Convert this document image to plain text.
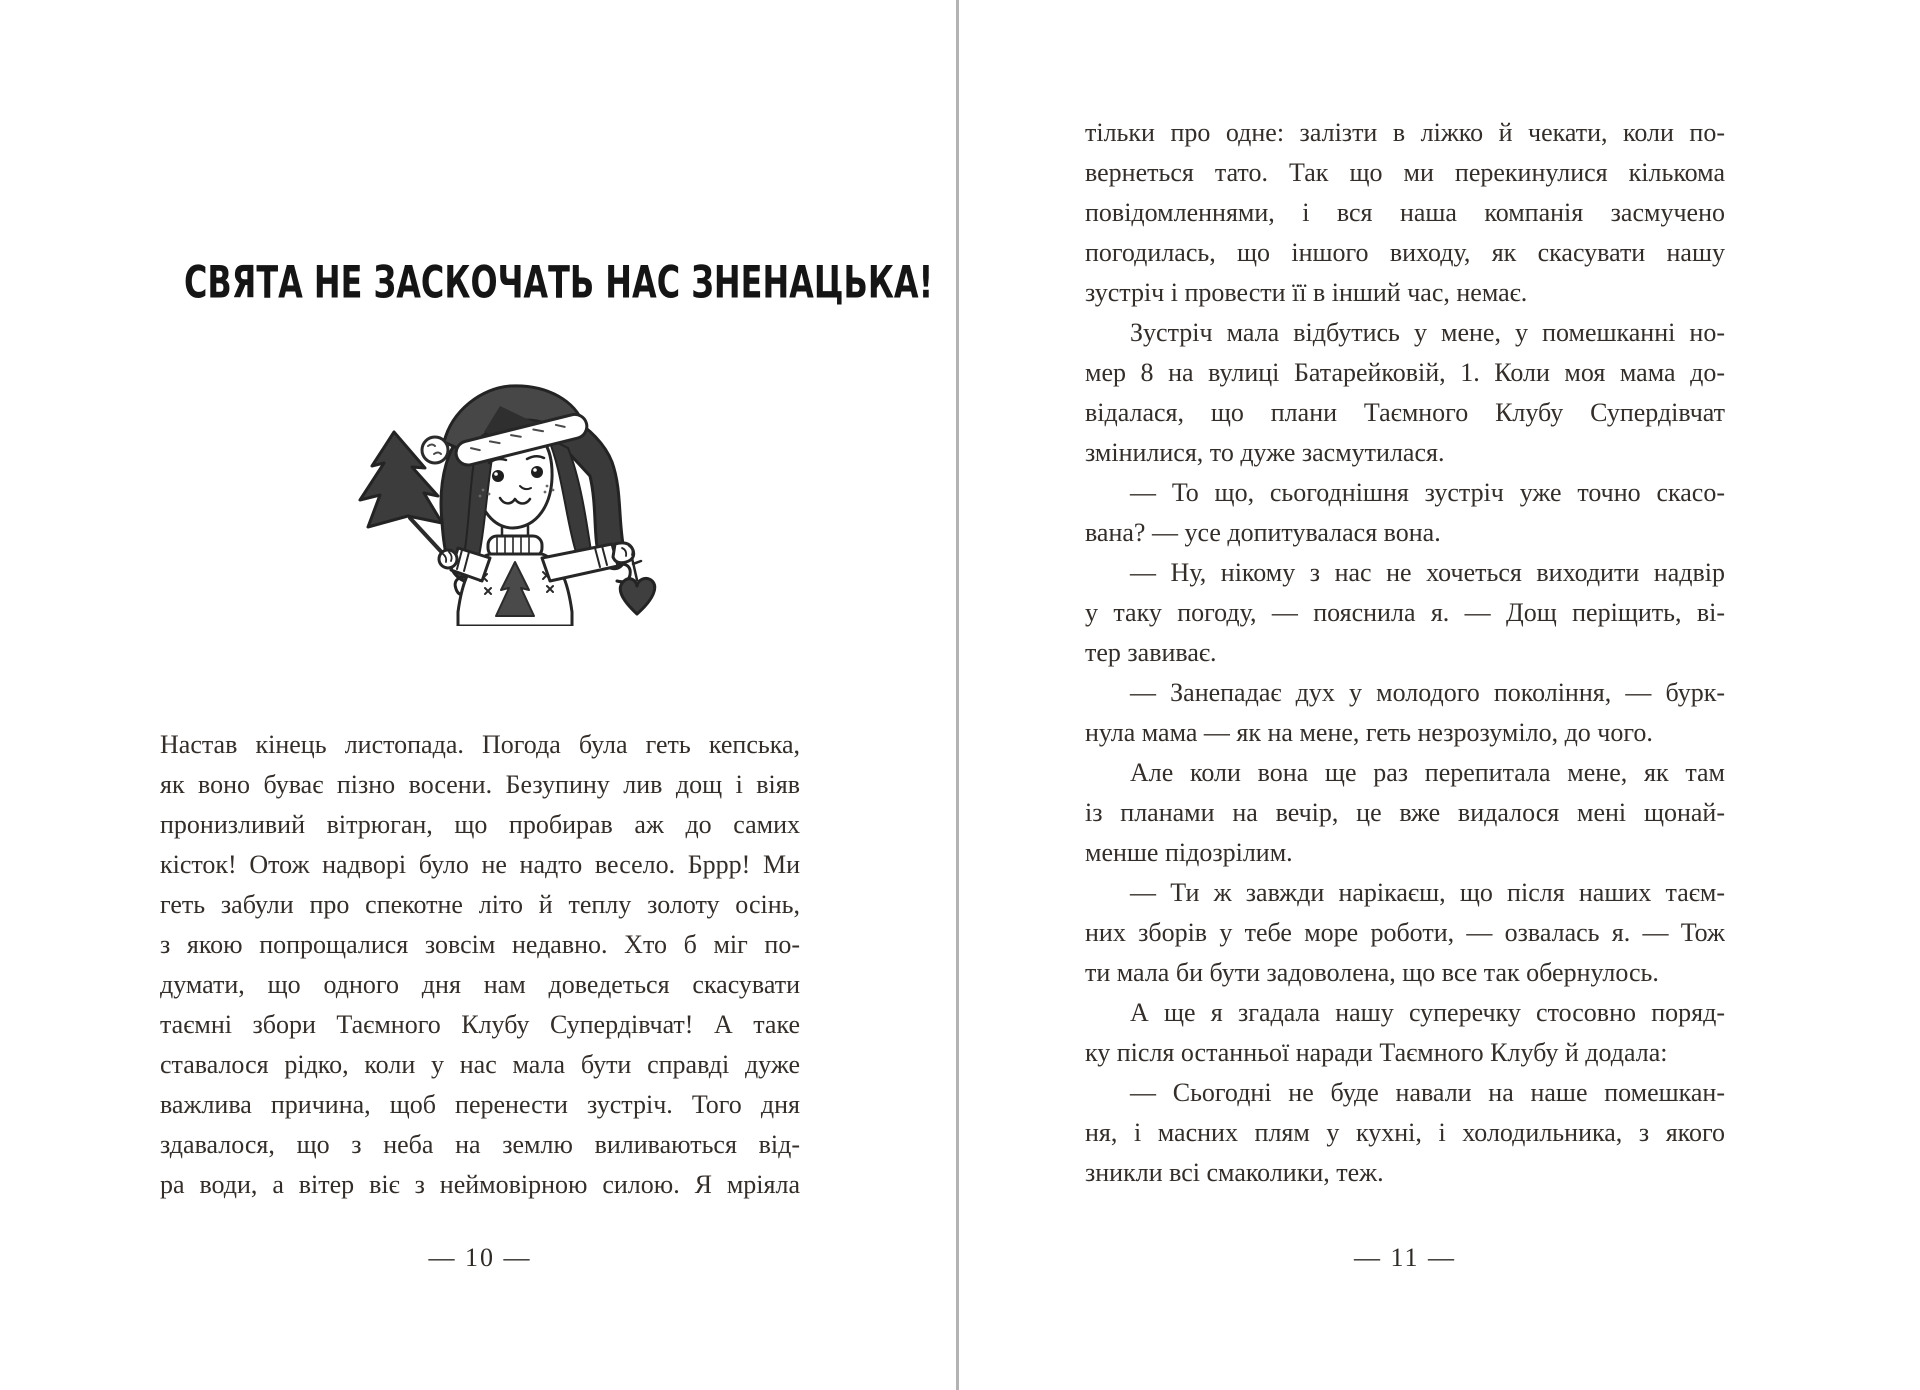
СВЯТА НЕ ЗАСКОЧАТЬ НАС ЗНЕНАЦЬКА!
Настав кінець листопада. Погода була геть кепська,
як воно буває пізно восени. Безупину лив дощ і віяв
пронизливий вітрюган, що пробирав аж до самих
кісток! Отож надворі було не надто весело. Бррр! Ми
геть забули про спекотне літо й теплу золоту осінь,
з якою попрощалися зовсім недавно. Хто б міг по-
думати, що одного дня нам доведеться скасувати
таємні збори Таємного Клубу Супердівчат! А таке
ставалося рідко, коли у нас мала бути справді дуже
важлива причина, щоб перенести зустріч. Того дня
здавалося, що з неба на землю виливаються від-
ра води, а вітер віє з неймовірною силою. Я мріяла
— 10 —
тільки про одне: залізти в ліжко й чекати, коли по-
вернеться тато. Так що ми перекинулися кількома
повідомленнями, і вся наша компанія засмучено
погодилась, що іншого виходу, як скасувати нашу
зустріч і провести її в інший час, немає.
Зустріч мала відбутись у мене, у помешканні но-
мер 8 на вулиці Батарейковій, 1. Коли моя мама до-
відалася, що плани Таємного Клубу Супердівчат
змінилися, то дуже засмутилася.
— То що, сьогоднішня зустріч уже точно скасо-
вана? — усе допитувалася вона.
— Ну, нікому з нас не хочеться виходити надвір
у таку погоду, — пояснила я. — Дощ періщить, ві-
тер завиває.
— Занепадає дух у молодого покоління, — бурк-
нула мама — як на мене, геть незрозуміло, до чого.
Але коли вона ще раз перепитала мене, як там
із планами на вечір, це вже видалося мені щонай-
менше підозрілим.
— Ти ж завжди нарікаєш, що після наших таєм-
них зборів у тебе море роботи, — озвалась я. — Тож
ти мала би бути задоволена, що все так обернулось.
А ще я згадала нашу суперечку стосовно поряд-
ку після останньої наради Таємного Клубу й додала:
— Сьогодні не буде навали на наше помешкан-
ня, і масних плям у кухні, і холодильника, з якого
зникли всі смаколики, теж.
— 11 —
